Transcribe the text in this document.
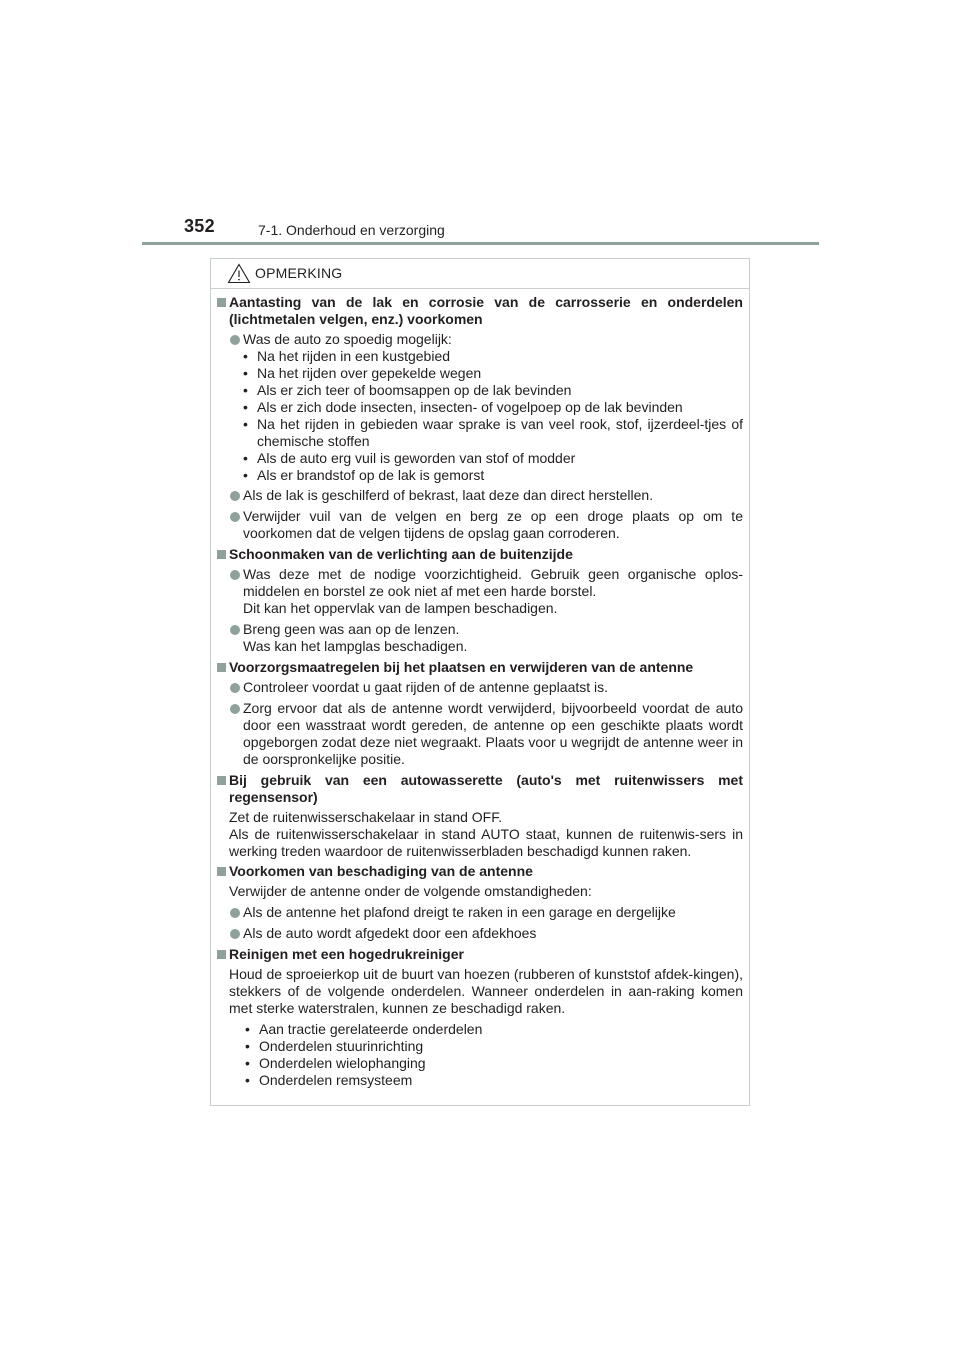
352	7-1. Onderhoud en verzorging
OPMERKING
Aantasting van de lak en corrosie van de carrosserie en onderdelen (lichtmetalen velgen, enz.) voorkomen
Was de auto zo spoedig mogelijk:
• Na het rijden in een kustgebied
• Na het rijden over gepekelde wegen
• Als er zich teer of boomsappen op de lak bevinden
• Als er zich dode insecten, insecten- of vogelpoep op de lak bevinden
• Na het rijden in gebieden waar sprake is van veel rook, stof, ijzerdeel-tjes of chemische stoffen
• Als de auto erg vuil is geworden van stof of modder
• Als er brandstof op de lak is gemorst
Als de lak is geschilferd of bekrast, laat deze dan direct herstellen.
Verwijder vuil van de velgen en berg ze op een droge plaats op om te voorkomen dat de velgen tijdens de opslag gaan corroderen.
Schoonmaken van de verlichting aan de buitenzijde
Was deze met de nodige voorzichtigheid. Gebruik geen organische oplos-middelen en borstel ze ook niet af met een harde borstel.
Dit kan het oppervlak van de lampen beschadigen.
Breng geen was aan op de lenzen.
Was kan het lampglas beschadigen.
Voorzorgsmaatregelen bij het plaatsen en verwijderen van de antenne
Controleer voordat u gaat rijden of de antenne geplaatst is.
Zorg ervoor dat als de antenne wordt verwijderd, bijvoorbeeld voordat de auto door een wasstraat wordt gereden, de antenne op een geschikte plaats wordt opgeborgen zodat deze niet wegraakt. Plaats voor u wegrijdt de antenne weer in de oorspronkelijke positie.
Bij gebruik van een autowasserette (auto's met ruitenwissers met regensensor)
Zet de ruitenwisserschakelaar in stand OFF.
Als de ruitenwisserschakelaar in stand AUTO staat, kunnen de ruitenwis-sers in werking treden waardoor de ruitenwisserbladen beschadigd kunnen raken.
Voorkomen van beschadiging van de antenne
Verwijder de antenne onder de volgende omstandigheden:
Als de antenne het plafond dreigt te raken in een garage en dergelijke
Als de auto wordt afgedekt door een afdekhoes
Reinigen met een hogedrukreiniger
Houd de sproeierkop uit de buurt van hoezen (rubberen of kunststof afdek-kingen), stekkers of de volgende onderdelen. Wanneer onderdelen in aan-raking komen met sterke waterstralen, kunnen ze beschadigd raken.
• Aan tractie gerelateerde onderdelen
• Onderdelen stuurinrichting
• Onderdelen wielophanging
• Onderdelen remsysteem
